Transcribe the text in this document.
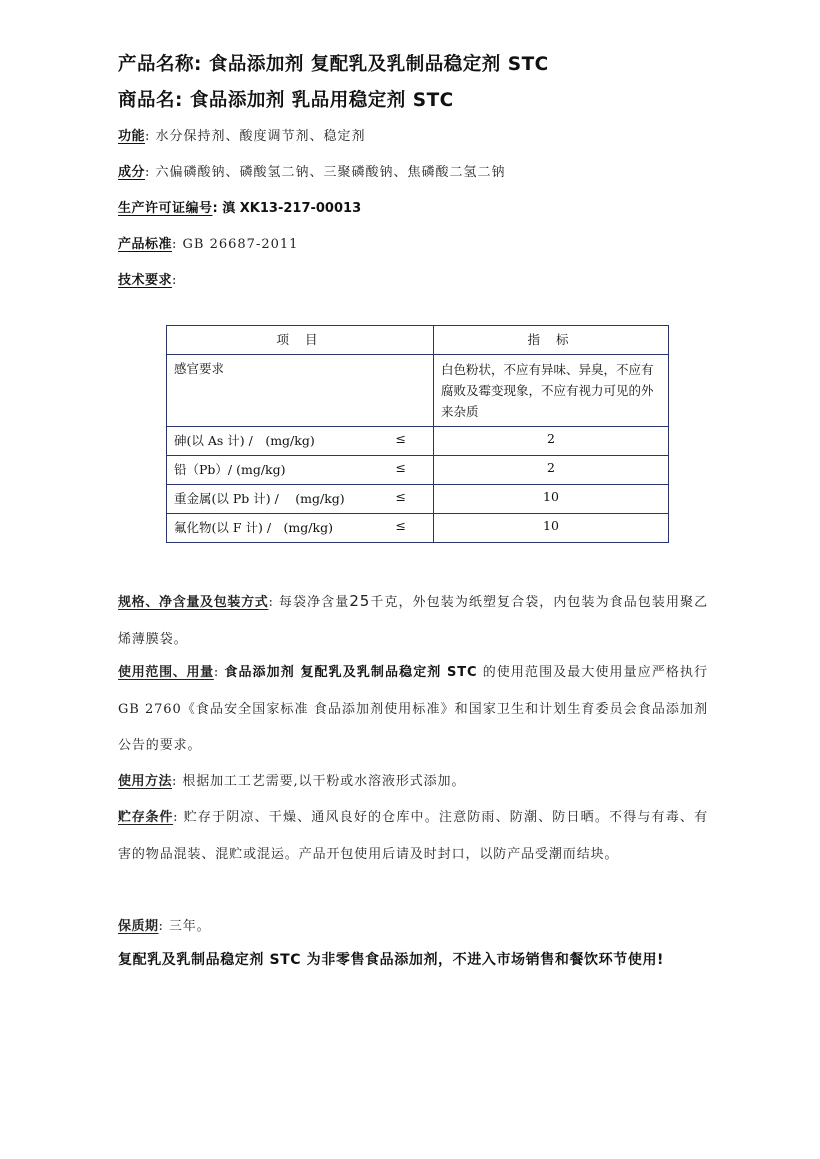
产品名称: 食品添加剂 复配乳及乳制品稳定剂 STC
商品名: 食品添加剂 乳品用稳定剂 STC
功能: 水分保持剂、酸度调节剂、稳定剂
成分: 六偏磷酸钠、磷酸氢二钠、三聚磷酸钠、焦磷酸二氢二钠
生产许可证编号: 滇 XK13-217-00013
产品标准: GB 26687-2011
技术要求:
项 目	指 标
感官要求	白色粉状，不应有异味、异臭，不应有腐败及霉变现象，不应有视力可见的外来杂质

砷(以 As 计) /　(mg/kg) ≤	2

铅（Pb）/ (mg/kg) ≤	2

重金属(以 Pb 计) /　 (mg/kg) ≤	10

氟化物(以 F 计) /　(mg/kg) ≤	10
规格、净含量及包装方式: 每袋净含量25千克，外包装为纸塑复合袋，内包装为食品包装用聚乙烯薄膜袋。
使用范围、用量: 食品添加剂 复配乳及乳制品稳定剂 STC 的使用范围及最大使用量应严格执行 GB 2760《食品安全国家标准 食品添加剂使用标准》和国家卫生和计划生育委员会食品添加剂公告的要求。
使用方法: 根据加工工艺需要,以干粉或水溶液形式添加。
贮存条件: 贮存于阴凉、干燥、通风良好的仓库中。注意防雨、防潮、防日晒。不得与有毒、有害的物品混装、混贮或混运。产品开包使用后请及时封口，以防产品受潮而结块。
保质期: 三年。
复配乳及乳制品稳定剂 STC 为非零售食品添加剂，不进入市场销售和餐饮环节使用!
